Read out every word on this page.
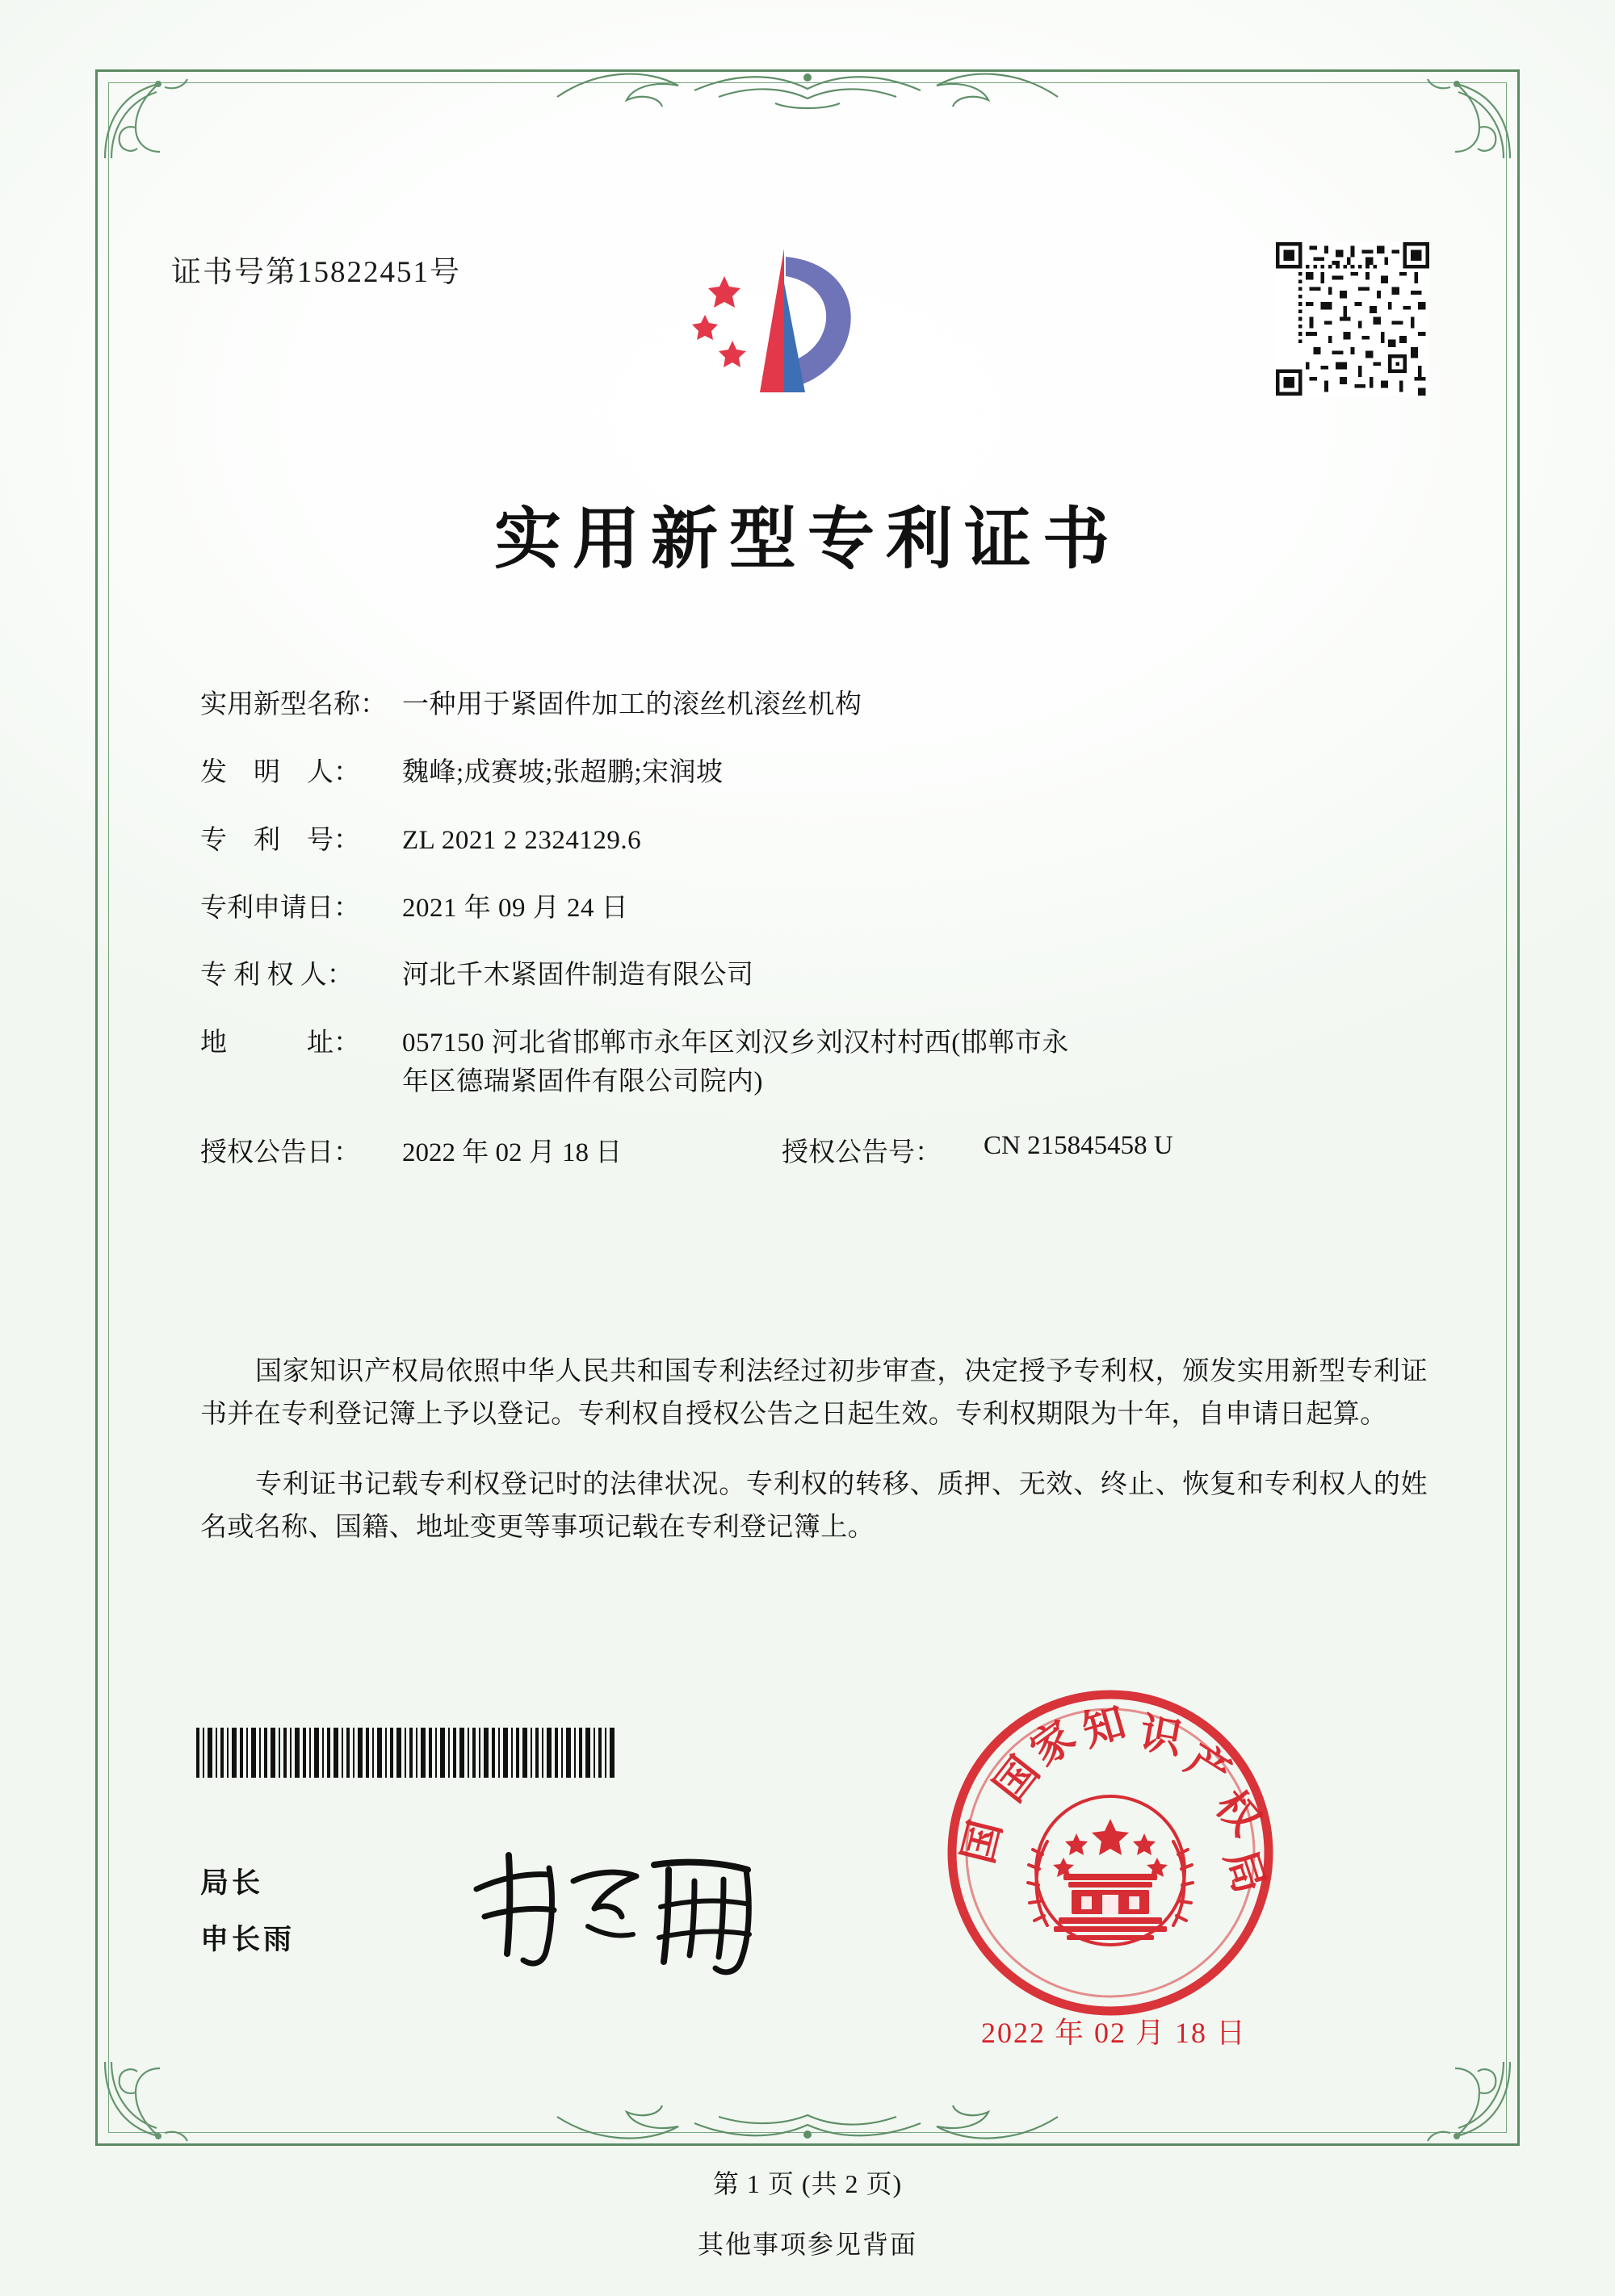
证书号第15822451号
实用新型专利证书
实用新型名称： 一种用于紧固件加工的滚丝机滚丝机构
发　明　人：	魏峰;成赛坡;张超鹏;宋润坡
专　利　号：	ZL 2021 2 2324129.6
专利申请日：	2021 年 09 月 24 日
专 利 权 人：	河北千木紧固件制造有限公司
地　　　址：	057150 河北省邯郸市永年区刘汉乡刘汉村村西(邯郸市永
年区德瑞紧固件有限公司院内)
授权公告日：	2022 年 02 月 18 日	授权公告号：	CN 215845458 U

国家知识产权局依照中华人民共和国专利法经过初步审查，决定授予专利权，颁发实用新型专利证书并在专利登记簿上予以登记。专利权自授权公告之日起生效。专利权期限为十年，自申请日起算。

专利证书记载专利权登记时的法律状况。专利权的转移、质押、无效、终止、恢复和专利权人的姓名或名称、国籍、地址变更等事项记载在专利登记簿上。

局长
申长雨
国
家
知 识
产
权
局
国
2022 年 02 月 18 日
第 1 页 (共 2 页)
其他事项参见背面
